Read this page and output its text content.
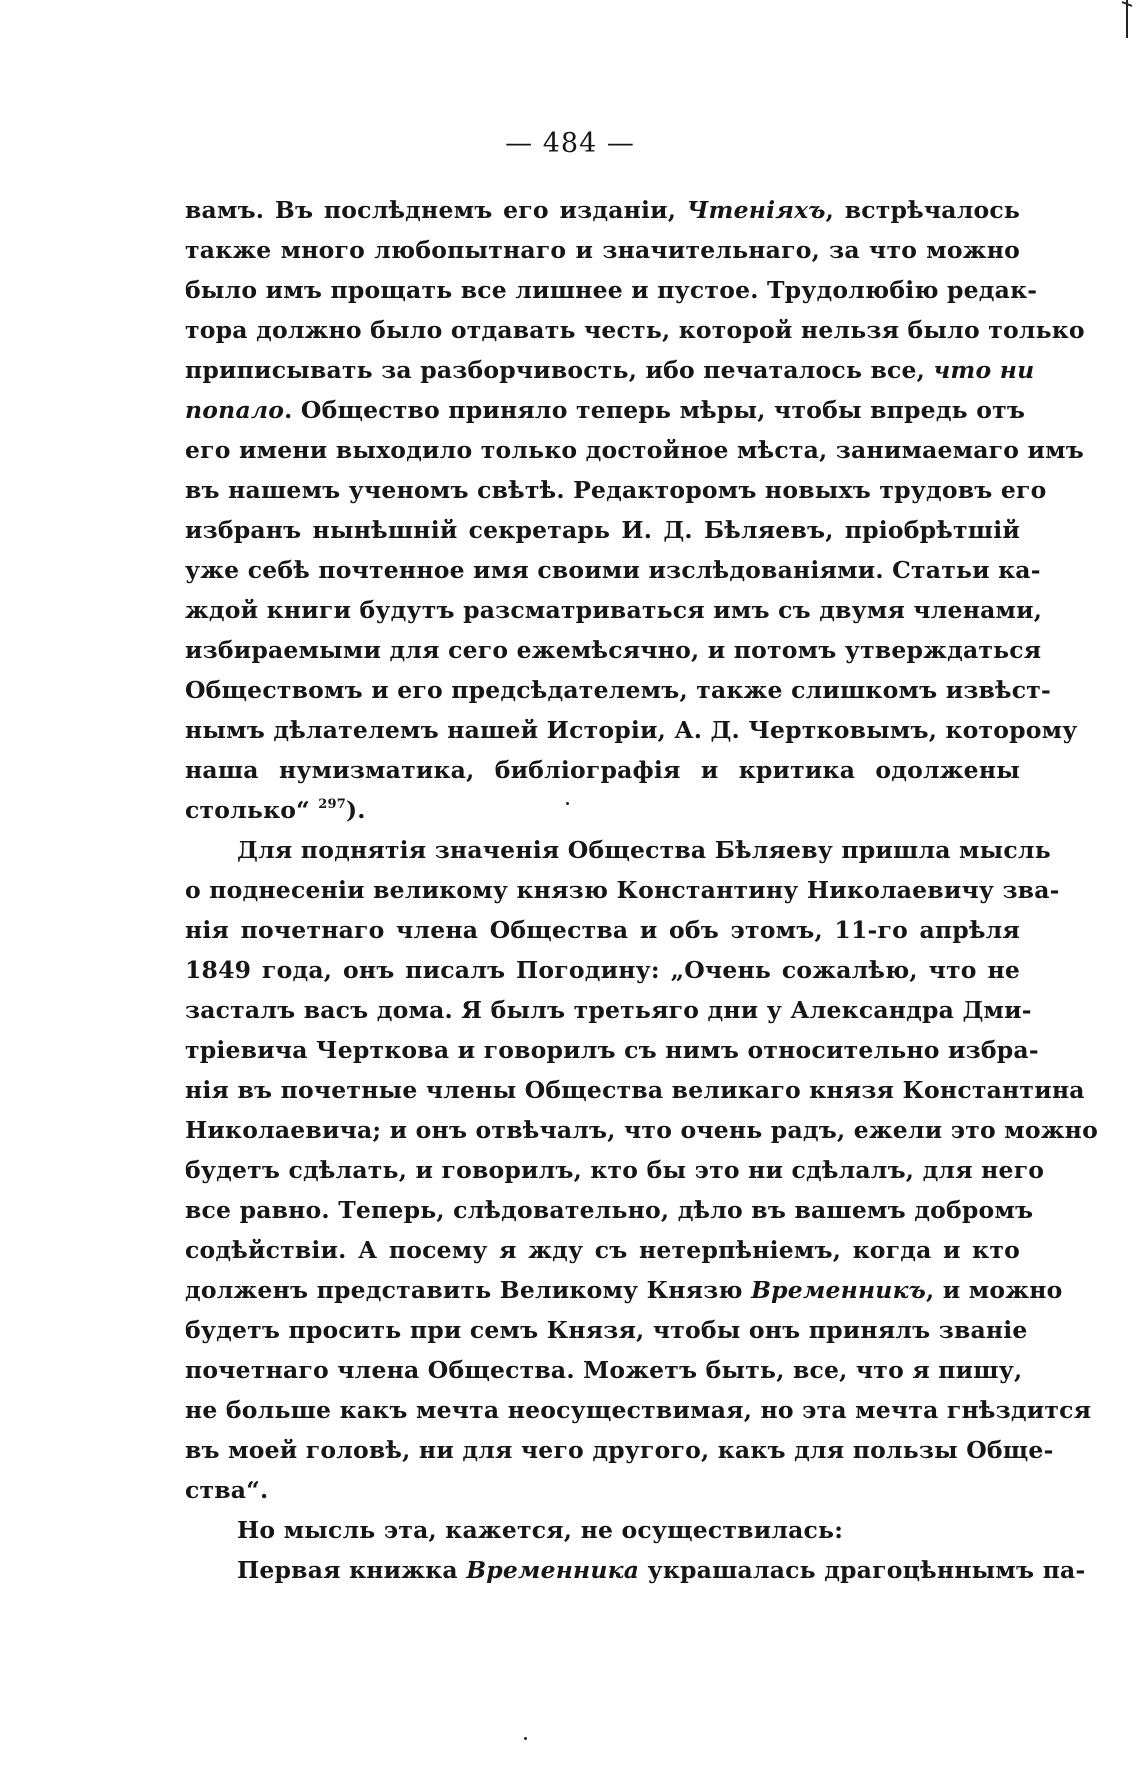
— 484 —
вамъ. Въ послѣднемъ его изданіи, Чтеніяхъ, встрѣчалось
также много любопытнаго и значительнаго, за что можно
было имъ прощать все лишнее и пустое. Трудолюбію редак-
тора должно было отдавать честь, которой нельзя было только
приписывать за разборчивость, ибо печаталось все, что ни
попало. Общество приняло теперь мѣры, чтобы впредь отъ
его имени выходило только достойное мѣста, занимаемаго имъ
въ нашемъ ученомъ свѣтѣ. Редакторомъ новыхъ трудовъ его
избранъ нынѣшній секретарь И. Д. Бѣляевъ, пріобрѣтшій
уже себѣ почтенное имя своими изслѣдованіями. Статьи ка-
ждой книги будутъ разсматриваться имъ съ двумя членами,
избираемыми для сего ежемѣсячно, и потомъ утверждаться
Обществомъ и его предсѣдателемъ, также слишкомъ извѣст-
нымъ дѣлателемъ нашей Исторіи, А. Д. Чертковымъ, которому
наша нумизматика, библіографія и критика одолжены
столько“ $^{297}$).
Для поднятія значенія Общества Бѣляеву пришла мысль
о поднесеніи великому князю Константину Николаевичу зва-
нія почетнаго члена Общества и объ этомъ, 11-го апрѣля
1849 года, онъ писалъ Погодину: „Очень сожалѣю, что не
засталъ васъ дома. Я былъ третьяго дни у Александра Дми-
тріевича Черткова и говорилъ съ нимъ относительно избра-
нія въ почетные члены Общества великаго князя Константина
Николаевича; и онъ отвѣчалъ, что очень радъ, ежели это можно
будетъ сдѣлать, и говорилъ, кто бы это ни сдѣлалъ, для него
все равно. Теперь, слѣдовательно, дѣло въ вашемъ добромъ
содѣйствіи. А посему я жду съ нетерпѣніемъ, когда и кто
долженъ представить Великому Князю Временникъ, и можно
будетъ просить при семъ Князя, чтобы онъ принялъ званіе
почетнаго члена Общества. Можетъ быть, все, что я пишу,
не больше какъ мечта неосуществимая, но эта мечта гнѣздится
въ моей головѣ, ни для чего другого, какъ для пользы Обще-
ства“.
Но мысль эта, кажется, не осуществилась:
Первая книжка Временника украшалась драгоцѣннымъ па-
